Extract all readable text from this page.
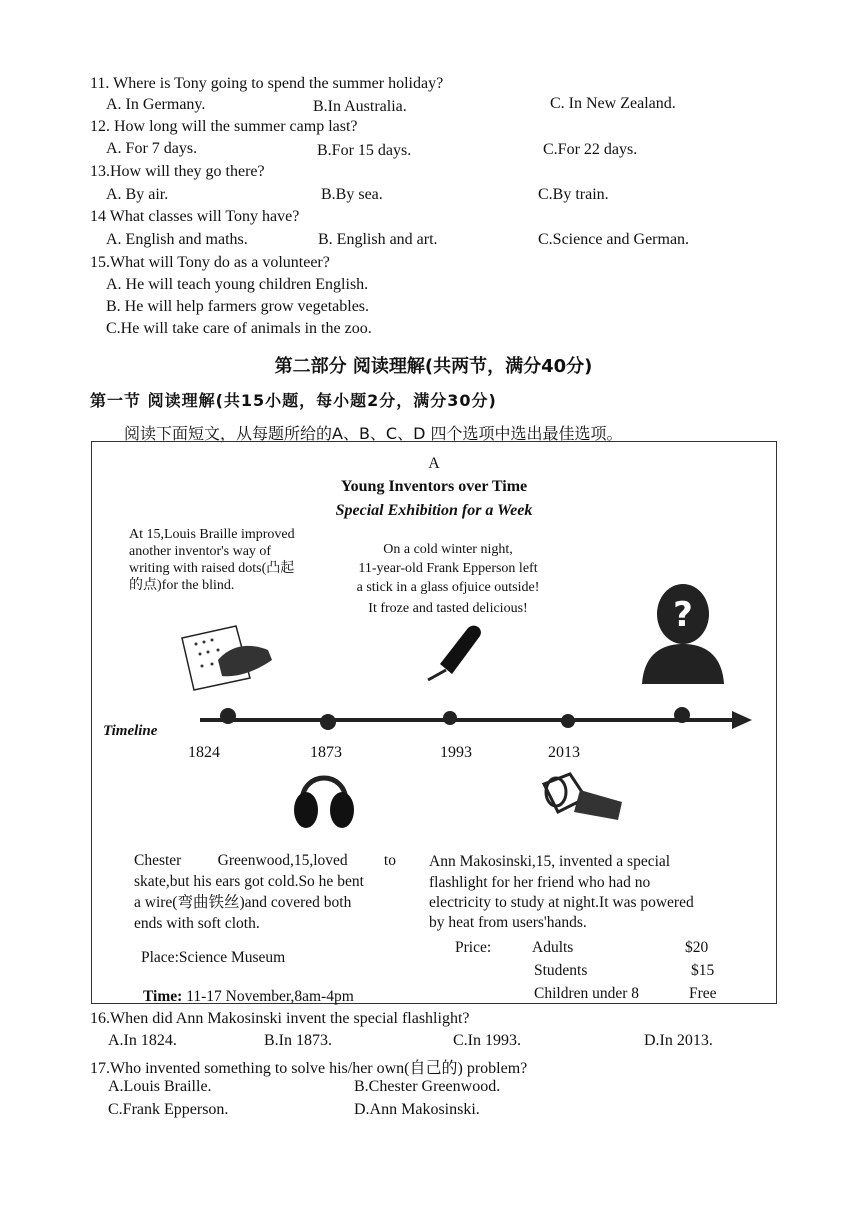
11. Where is Tony going to spend the summer holiday?
A. In Germany.	B.In Australia.	C. In New Zealand.
12. How long will the summer camp last?
A. For 7 days.	B.For 15 days.	C.For 22 days.
13.How will they go there?
A. By air.	B.By sea.	C.By train.
14 What classes will Tony have?
A. English and maths.	B. English and art.	C.Science and German.
15.What will Tony do as a volunteer?
A. He will teach young children English.
B. He will help farmers grow vegetables.
C.He will take care of animals in the zoo.
第二部分 阅读理解(共两节，满分40分)
第一节 阅读理解(共15小题，每小题2分，满分30分)
阅读下面短文，从每题所给的A、B、C、D 四个选项中选出最佳选项。
A
Young Inventors over Time
Special Exhibition for a Week
At 15,Louis Braille improved
another inventor's way of
writing with raised dots(凸起
的点)for the blind.
On a cold winter night,
11-year-old Frank Epperson left
a stick in a glass ofjuice outside!
It froze and tasted delicious!	?
Timeline
1824	1873	1993	2013
Chester Greenwood,15,loved to
skate,but his ears got cold.So he bent
a wire(弯曲铁丝)and covered both
ends with soft cloth.
Ann Makosinski,15, invented a special
flashlight for her friend who had no
electricity to study at night.It was powered
by heat from users'hands.
Place:Science Museum
Time: 11-17 November,8am-4pm
Price:	Adults	$20
Students	$15
Children under 8	Free
16.When did Ann Makosinski invent the special flashlight?
A.In 1824.	B.In 1873.	C.In 1993.	D.In 2013.
17.Who invented something to solve his/her own(自己的) problem?
A.Louis Braille.	B.Chester Greenwood.
C.Frank Epperson.	D.Ann Makosinski.
